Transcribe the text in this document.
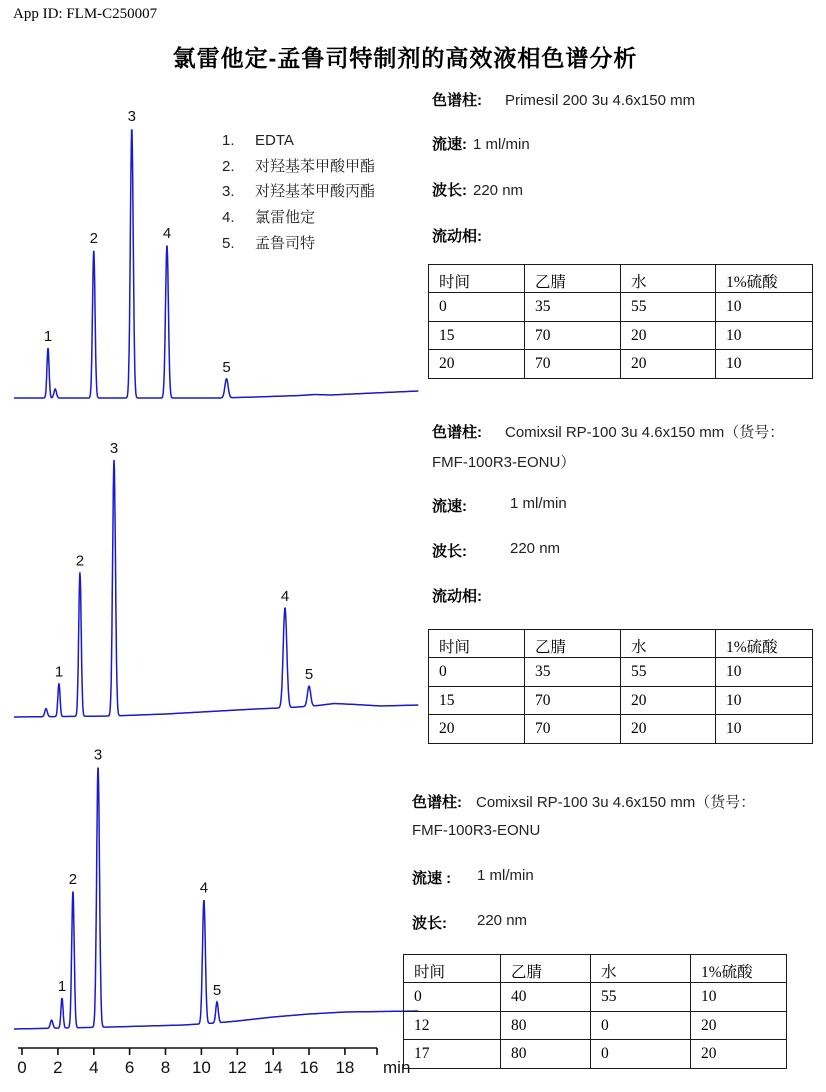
App ID: FLM-C250007
氯雷他定-孟鲁司特制剂的高效液相色谱分析
1. EDTA
2. 对羟基苯甲酸甲酯
3. 对羟基苯甲酸丙酯
4. 氯雷他定
5. 孟鲁司特
1
2
3
4
5
1
2
3
4
5
1
2
3
4
5
0 2 4 6 8 10 12 14 16 18 min
色谱柱: Primesil 200 3u 4.6x150 mm
流速: 1 ml/min
波长: 220 nm
流动相:
时间	乙腈	水	1%硫酸
0	35	55	10
15	70	20	10
20	70	20	10
色谱柱: Comixsil RP-100 3u 4.6x150 mm（货号：
FMF-100R3-EONU）
流速:	1 ml/min
波长:	220 nm
流动相:
时间	乙腈	水	1%硫酸
0	35	55	10
15	70	20	10
20	70	20	10
色谱柱: Comixsil RP-100 3u 4.6x150 mm（货号：
FMF-100R3-EONU
流速 : 1 ml/min
波长: 220 nm
时间	乙腈	水	1%硫酸
0	40	55	10
12	80	0	20
17	80	0	20
